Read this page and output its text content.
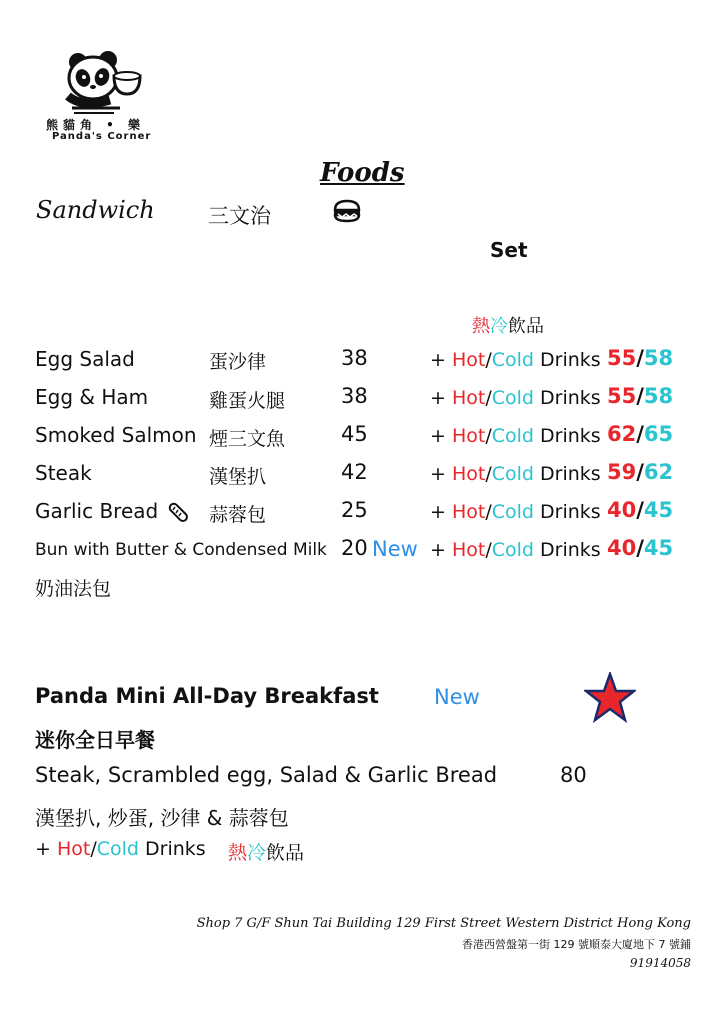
熊貓角 • 樂
Panda's Corner
Foods
Sandwich	三文治
Set
熱冷飲品
Egg Salad	蛋沙律	38	+ Hot/Cold Drinks 55/58
Egg & Ham	雞蛋火腿	38	+ Hot/Cold Drinks 55/58
Smoked Salmon 煙三文魚	45	+ Hot/Cold Drinks 62/65
Steak	漢堡扒	42	+ Hot/Cold Drinks 59/62
Garlic Bread	蒜蓉包	25	+ Hot/Cold Drinks 40/45
Bun with Butter & Condensed Milk 20 New + Hot/Cold Drinks 40/45
奶油法包
Panda Mini All-Day Breakfast	New
迷你全日早餐
Steak, Scrambled egg, Salad & Garlic Bread	80
漢堡扒, 炒蛋, 沙律 & 蒜蓉包
+ Hot/Cold Drinks 熱冷飲品
Shop 7 G/F Shun Tai Building 129 First Street Western District Hong Kong
香港西營盤第一街 129 號順泰大廈地下 7 號鋪
91914058
